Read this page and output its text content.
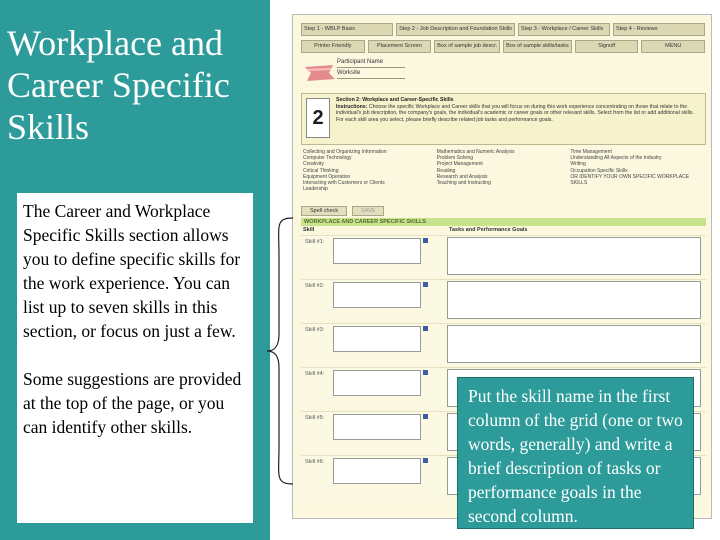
Workplace and
Career Specific
Skills

The Career and Workplace Specific Skills section allows you to define specific skills for the work experience. You can list up to seven skills in this section, or focus on just a few.

Some suggestions are provided at the top of the page, or you can identify other skills.

Step 1 - WBLP Basic	Step 2 - Job Description and Foundation Skills	Step 3 - Workplace / Career Skills	Step 4 - Reviews
Printer Friendly	Placement Screen	Box of sample job descr.	Box of sample skills/tasks	Signoff	MENU
Participant Name
Worksite
2
Section 2: Workplace and Career-Specific Skills
Instructions: Choose the specific Workplace and Career skills that you will focus on during this work experience concentrating on those that relate to the individual's job description, the company's goals, the individual's academic or career goals or other relevant skills. Select from the list or add additional skills. For each skill area you select, please briefly describe related job tasks and performance goals.
Collecting and Organizing Information
Computer Technology
Creativity
Critical Thinking
Equipment Operation
Interacting with Customers or Clients
Leadership
Mathematics and Numeric Analysis
Problem Solving
Project Management
Reading
Research and Analysis
Teaching and Instructing
Time Management
Understanding All Aspects of the Industry
Writing
Occupation Specific Skills
OR IDENTIFY YOUR OWN SPECIFIC WORKPLACE SKILLS
Spell check	SAVE
WORKPLACE AND CAREER SPECIFIC SKILLS
Skill	Tasks and Performance Goals
Skill #1:
Skill #2:
Skill #3:
Skill #4:
Skill #5:
Skill #6:
Put the skill name in the first column of the grid (one or two words, generally) and write a brief description of tasks or performance goals in the second column.
